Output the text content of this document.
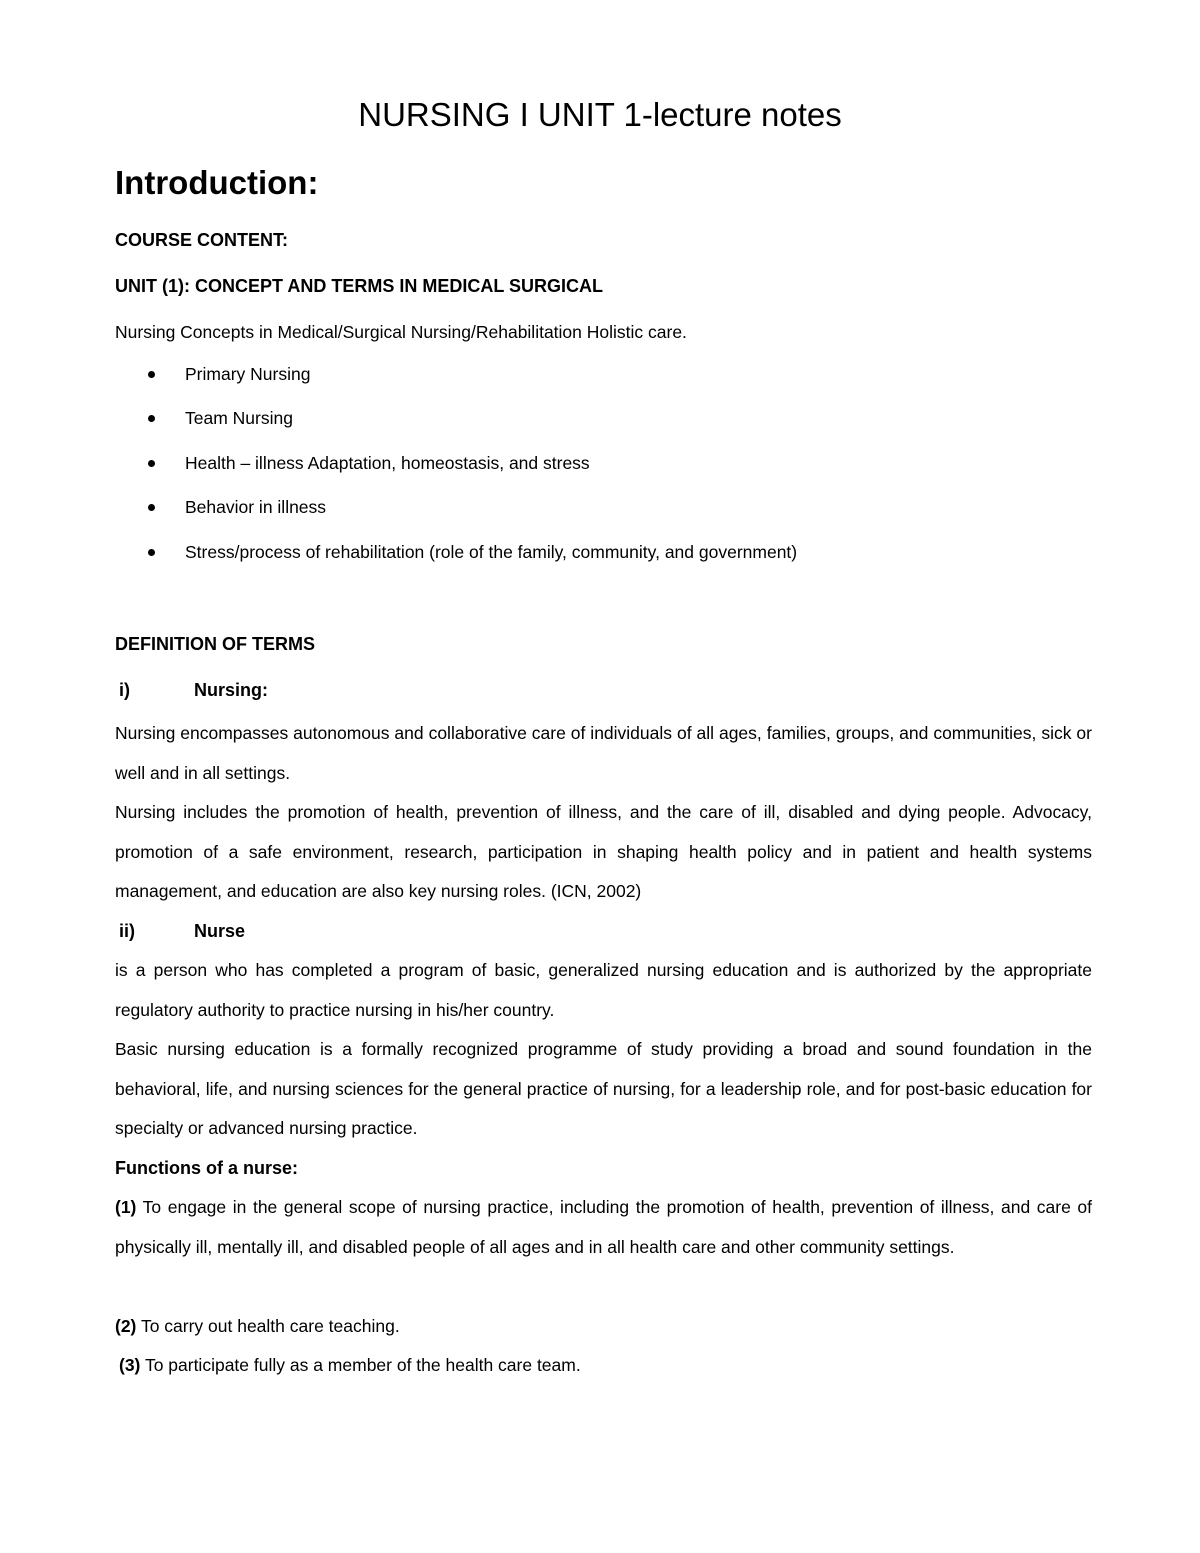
NURSING I UNIT 1-lecture notes
Introduction:

COURSE CONTENT:

UNIT (1): CONCEPT AND TERMS IN MEDICAL SURGICAL

Nursing Concepts in Medical/Surgical Nursing/Rehabilitation Holistic care.

Primary Nursing
Team Nursing
Health – illness Adaptation, homeostasis, and stress
Behavior in illness
Stress/process of rehabilitation (role of the family, community, and government)

DEFINITION OF TERMS

i)	Nursing:

Nursing encompasses autonomous and collaborative care of individuals of all ages, families, groups, and communities, sick or well and in all settings.

Nursing includes the promotion of health, prevention of illness, and the care of ill, disabled and dying people. Advocacy, promotion of a safe environment, research, participation in shaping health policy and in patient and health systems management, and education are also key nursing roles. (ICN, 2002)

ii)	Nurse

is a person who has completed a program of basic, generalized nursing education and is authorized by the appropriate regulatory authority to practice nursing in his/her country.

Basic nursing education is a formally recognized programme of study providing a broad and sound foundation in the behavioral, life, and nursing sciences for the general practice of nursing, for a leadership role, and for post-basic education for specialty or advanced nursing practice.

Functions of a nurse:

(1) To engage in the general scope of nursing practice, including the promotion of health, prevention of illness, and care of physically ill, mentally ill, and disabled people of all ages and in all health care and other community settings.

(2) To carry out health care teaching.

(3) To participate fully as a member of the health care team.
